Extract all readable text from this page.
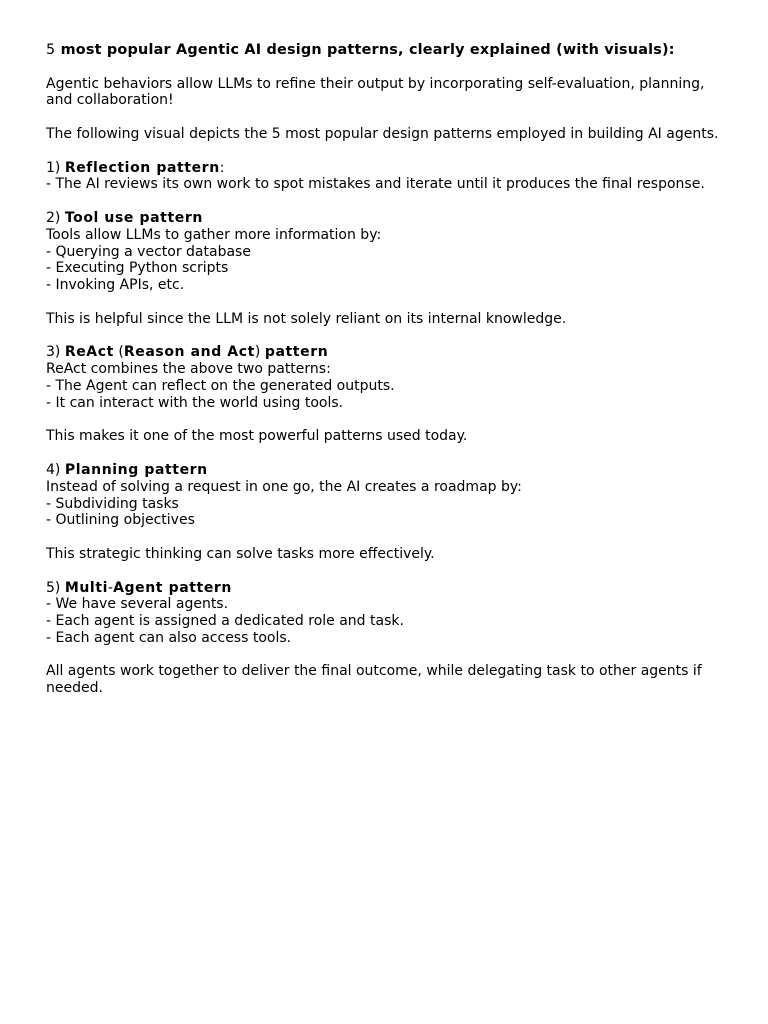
5 most popular Agentic AI design patterns, clearly explained (with visuals):

Agentic behaviors allow LLMs to refine their output by incorporating self-evaluation, planning, and collaboration!

The following visual depicts the 5 most popular design patterns employed in building AI agents.

1) Reflection pattern:

- The AI reviews its own work to spot mistakes and iterate until it produces the final response.

2) Tool use pattern

Tools allow LLMs to gather more information by:

- Querying a vector database

- Executing Python scripts

- Invoking APIs, etc.

This is helpful since the LLM is not solely reliant on its internal knowledge.

3) ReAct (Reason and Act) pattern

ReAct combines the above two patterns:

- The Agent can reflect on the generated outputs.

- It can interact with the world using tools.

This makes it one of the most powerful patterns used today.

4) Planning pattern

Instead of solving a request in one go, the AI creates a roadmap by:

- Subdividing tasks

- Outlining objectives

This strategic thinking can solve tasks more effectively.

5) Multi-Agent pattern

- We have several agents.

- Each agent is assigned a dedicated role and task.

- Each agent can also access tools.

All agents work together to deliver the final outcome, while delegating task to other agents if needed.
